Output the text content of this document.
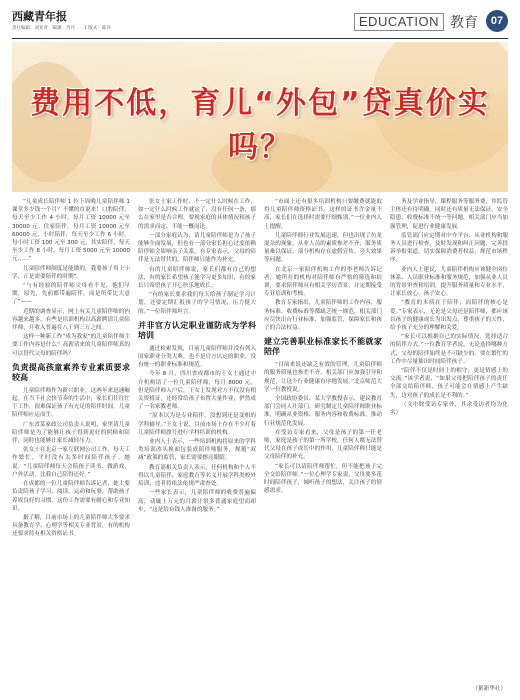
西藏青年报
责任编辑：刘亚青　编辑：肖丹　　1 版式：陈丹	EDUCATION 教育	07
费用不低，育儿“外包”贷真价实吗？

“儿童成长陪伴师 1 位下周晚儿童陪伴师 1 课堂多少钱一个月？不懂的直说来！口腔陪伴、每天至少工作 4 小时，每月工资 10000 元至 30000 元；住家陪伴，每月工资 10000 元至 60000 元，小时陪伴，每天至少工作 6 小时，每小时工资 100 元至 300 元，其实陪伴，每天至少工作 8 小时，每月工资 5000 元至 10000 元……”

儿童陪伴师制度是能做的，我要孩子用上小学，正是需要陪伴的时期”。

“与有经验的陪伴师父母看不见，他们早期，原先，先前都带遍陪伴，而是所带比大意了”——

近期的调查显示，网上有关儿童陪伴师的内容越来越多，有些是培训机构以高薪聘请儿童陪伴师，月收入普遍在八千到三万之间。

这样一种新工作“成为我家”的儿童陪伴师主要工作内容是什么？高薪请来的儿童陪伴师真的可以替代父母的陪伴吗？

负责提高孩童素养专业素质要求较高

儿童陪伴师作为新兴职业，这两年来迅速崛起。在当下社会快节奏的生活中，家长们往往忙于工作，很难保证孩子有充足的陪伴时间，儿童陪伴师应运而生。

广东省某家政公司负责人说明，家里请儿童陪伴师是为了能够让孩子得到更好的照顾和陪伴，同时也能够让家长减轻压力。

张女士在北京一家互联网公司工作，每天工作繁忙，平时没有太多时间陪伴孩子。她说：“儿童陪伴师每天会陪孩子读书、做游戏、户外活动，比我自己陪得还好。”

在成都的一位儿童陪伴师告诉记者，她主要负责陪孩子学习、阅读、运动和玩耍，帮助孩子养成良好的习惯，这份工作需要有耐心和专业知识。

据了解，目前市场上的儿童陪伴师大多要求具备教育学、心理学等相关专业背景，有的机构还要求持有相关资格证书。

张女士家工作时，不一定什么时候在工作，如一定什么时候工作就定了，没有任何一条，那么在家里是否合理，要视家庭的具体情况和孩子的需求而定，不能一概而论。

一部分家庭认为，请儿童陪伴师是为了孩子能够全面发展，但也有一部分家长担心过度依赖陪伴师会影响亲子关系，有专家表示，父母的陪伴是无法替代的，陪伴师只能作为补充。

有的儿童陪伴师说，家长们都有自己的想法，有的家长希望孩子能学习更多知识，有的家长只希望孩子开心快乐地成长。

“有的家长要求我们每天给孩子制定学习计划，还要定期汇报孩子的学习情况，压力挺大的。”一位陪伴师坦言。

并非官方认定职业谨防成为学科培训

通过检索发现，目前儿童陪伴师并没有列入国家职业分类大典，也不是官方认定的职业，没有统一的职业标准和规范。

今年 8 月，四川省成都市的王女士通过中介机构请了一位儿童陪伴师，每月 8000 元，但是陪伴师入户后，王女士发现对方不仅没有相关资格证，还经常给孩子布置大量作业，俨然成了一名家教老师。

“原本以为是专业陪伴，没想到还是变相的学科辅导。”王女士说，目前市场上存在不少打着儿童陪伴师旗号进行学科培训的机构。

业内人士表示，一些培训机构将原来的学科类培训改头换面包装成陪伴师服务，规避“双减”政策的监管，家长需要擦亮眼睛。

教育部相关负责人表示，任何机构和个人不得以儿童陪伴、家庭教育等名义开展学科类校外培训，违者将依法依规严肃查处。

一些家长表示，儿童陪伴师的收费普遍偏高，动辄上万元的月薪让很多普通家庭望而却步，“这是给有钱人准备的服务。”

“市面上还有很多培训机构只要缴费就能取得儿童陪伴师资格证书，这样的证书含金量不高，家长们在选择时需要仔细甄别。”一位业内人士提醒。

儿童陪伴师行业发展迅速，但也出现了鱼龙混杂的现象，从业人员的素质参差不齐，服务质量难以保证，部分机构存在虚假宣传、夸大效果等问题。

在北京一家陪伴机构工作的李老师告诉记者，她所在的机构对陪伴师有严格的筛选和培训，要求陪伴师具有相关学历背景，并定期接受专业培训和考核。

教育专家指出，儿童陪伴师的工作内容、服务标准、收费标准等都缺乏统一规范，相关部门应尽快出台行业标准，加强监管，保障家长和孩子的合法权益。

建立完善职业标准家长不能就家陪伴

“目前来说还缺乏有效的管理，儿童陪伴师的服务质量也参差不齐，相关部门应加强引导和规范，让这个行业健康有序地发展。”北京师范大学一位教授说。

全国政协委员、某大学教授表示，建议教育部门会同人社部门，研究制定儿童陪伴师职业标准，明确从业资格、服务内容和收费标准，推动行业规范化发展。

在受访专家看来，父母是孩子的第一任老师，家庭是孩子的第一所学校，任何人都无法替代父母在孩子成长中的作用，儿童陪伴师只能是父母陪伴的补充。

“家长可以请陪伴师帮忙，但不能把孩子完全交给陪伴师。”一位心理学专家说，父母要多花时间陪伴孩子，倾听孩子的想法，关注孩子的情感需求。

务及学业指导、课程服务等服务费，其监管主体还有待明确。同时还有质量无法保证、安全隐患、收费标准不统一等问题，相关部门应当加强管理，促进行业健康发展。

监管部门应定期对中介平台、从业机构和服务人员进行检查，及时发现和纠正问题，完善投诉举报渠道，切实保障消费者权益，规范市场秩序。

业内人士建议，儿童陪伴机构应该健全岗位体系、人员职业标准和服务规范，加强从业人员的背景审查和培训，提升服务质量和专业水平，让家长放心、孩子安心。

“教育的本质在于陪伴，而陪伴的核心是爱。”专家表示，无论是父母还是陪伴师，都应该以孩子的健康成长为出发点，尊重孩子的天性，给予孩子充分的理解和关爱。

“家长可以根据自己的实际情况，选择适合的陪伴方式。”一位教育学者说，无论选择哪种方式，父母的陪伴始终是不可缺少的，要在繁忙的工作中尽量抽出时间陪伴孩子。

“陪伴不仅是时间上的相守，更是情感上的交流。”该学者说，“如果父母把陪伴孩子的责任全部交给陪伴师，孩子可能会在情感上产生缺失，这对孩子的成长是不利的。”

（文中除受访专家外，其余受访者均为化名）

（据新华社）
